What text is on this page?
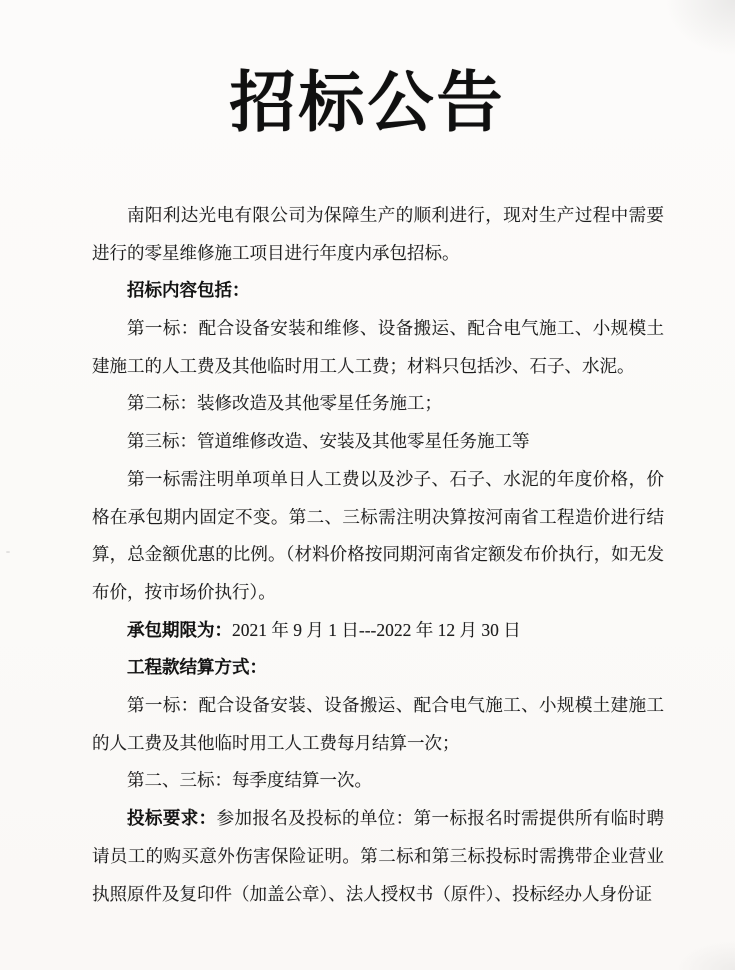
招标公告

南阳利达光电有限公司为保障生产的顺利进行，现对生产过程中需要进行的零星维修施工项目进行年度内承包招标。

招标内容包括：

第一标：配合设备安装和维修、设备搬运、配合电气施工、小规模土建施工的人工费及其他临时用工人工费；材料只包括沙、石子、水泥。

第二标：装修改造及其他零星任务施工；

第三标：管道维修改造、安装及其他零星任务施工等

第一标需注明单项单日人工费以及沙子、石子、水泥的年度价格，价格在承包期内固定不变。第二、三标需注明决算按河南省工程造价进行结算，总金额优惠的比例。（材料价格按同期河南省定额发布价执行，如无发布价，按市场价执行）。

承包期限为：2021 年 9 月 1 日---2022 年 12 月 30 日

工程款结算方式：

第一标：配合设备安装、设备搬运、配合电气施工、小规模土建施工的人工费及其他临时用工人工费每月结算一次；

第二、三标：每季度结算一次。

投标要求：参加报名及投标的单位：第一标报名时需提供所有临时聘请员工的购买意外伤害保险证明。第二标和第三标投标时需携带企业营业执照原件及复印件（加盖公章）、法人授权书（原件）、投标经办人身份证
